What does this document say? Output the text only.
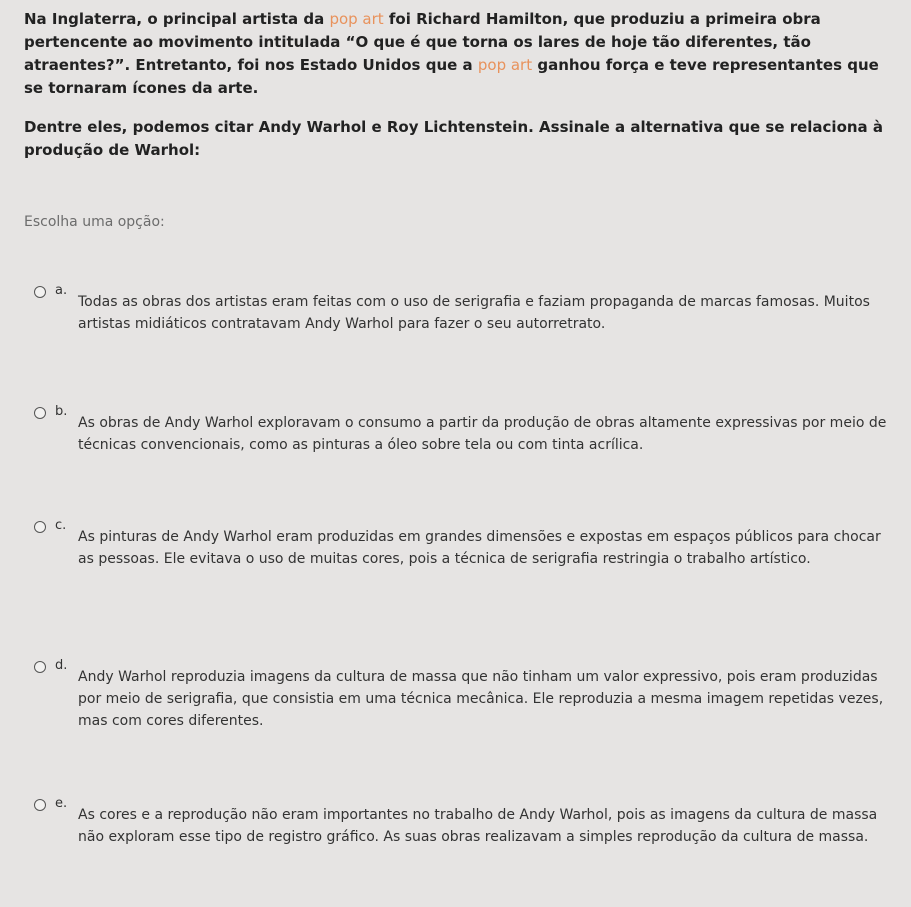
Na Inglaterra, o principal artista da pop art foi Richard Hamilton, que produziu a primeira obra pertencente ao movimento intitulada “O que é que torna os lares de hoje tão diferentes, tão atraentes?”. Entretanto, foi nos Estado Unidos que a pop art ganhou força e teve representantes que se tornaram ícones da arte.

Dentre eles, podemos citar Andy Warhol e Roy Lichtenstein. Assinale a alternativa que se relaciona à produção de Warhol:

Escolha uma opção:
a.
Todas as obras dos artistas eram feitas com o uso de serigrafia e faziam propaganda de marcas famosas. Muitos artistas midiáticos contratavam Andy Warhol para fazer o seu autorretrato.
b.
As obras de Andy Warhol exploravam o consumo a partir da produção de obras altamente expressivas por meio de técnicas convencionais, como as pinturas a óleo sobre tela ou com tinta acrílica.
c.
As pinturas de Andy Warhol eram produzidas em grandes dimensões e expostas em espaços públicos para chocar as pessoas. Ele evitava o uso de muitas cores, pois a técnica de serigrafia restringia o trabalho artístico.
d.
Andy Warhol reproduzia imagens da cultura de massa que não tinham um valor expressivo, pois eram produzidas por meio de serigrafia, que consistia em uma técnica mecânica. Ele reproduzia a mesma imagem repetidas vezes, mas com cores diferentes.
e.
As cores e a reprodução não eram importantes no trabalho de Andy Warhol, pois as imagens da cultura de massa não exploram esse tipo de registro gráfico. As suas obras realizavam a simples reprodução da cultura de massa.
